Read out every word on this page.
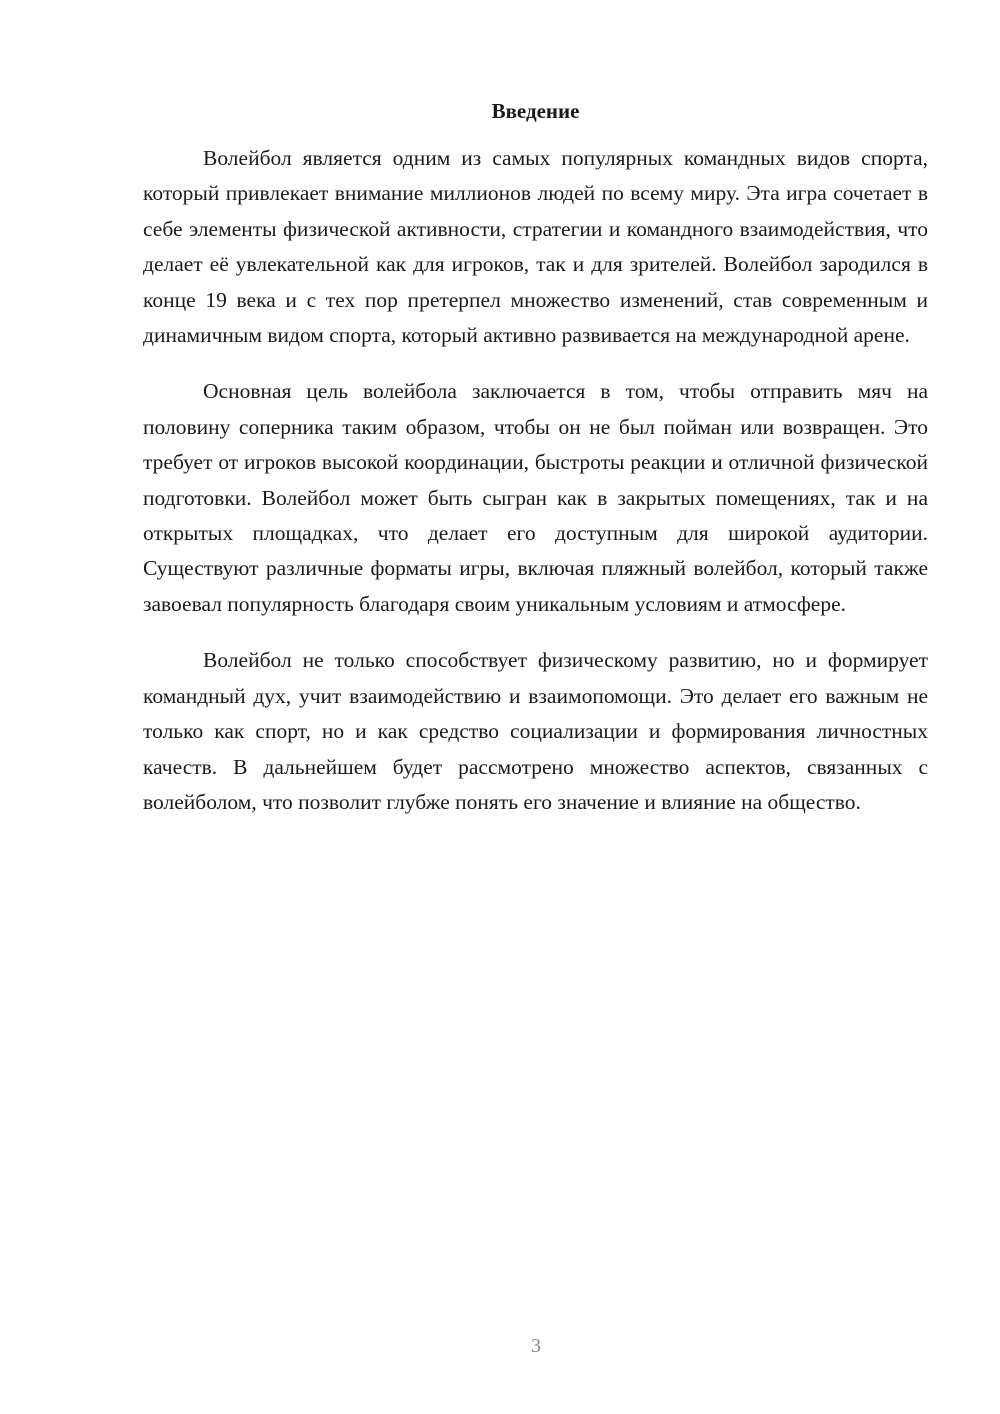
Введение

Волейбол является одним из самых популярных командных видов спорта, который привлекает внимание миллионов людей по всему миру. Эта игра сочетает в себе элементы физической активности, стратегии и командного взаимодействия, что делает её увлекательной как для игроков, так и для зрителей. Волейбол зародился в конце 19 века и с тех пор претерпел множество изменений, став современным и динамичным видом спорта, который активно развивается на международной арене.

Основная цель волейбола заключается в том, чтобы отправить мяч на половину соперника таким образом, чтобы он не был пойман или возвращен. Это требует от игроков высокой координации, быстроты реакции и отличной физической подготовки. Волейбол может быть сыгран как в закрытых помещениях, так и на открытых площадках, что делает его доступным для широкой аудитории. Существуют различные форматы игры, включая пляжный волейбол, который также завоевал популярность благодаря своим уникальным условиям и атмосфере.

Волейбол не только способствует физическому развитию, но и формирует командный дух, учит взаимодействию и взаимопомощи. Это делает его важным не только как спорт, но и как средство социализации и формирования личностных качеств. В дальнейшем будет рассмотрено множество аспектов, связанных с волейболом, что позволит глубже понять его значение и влияние на общество.

3
